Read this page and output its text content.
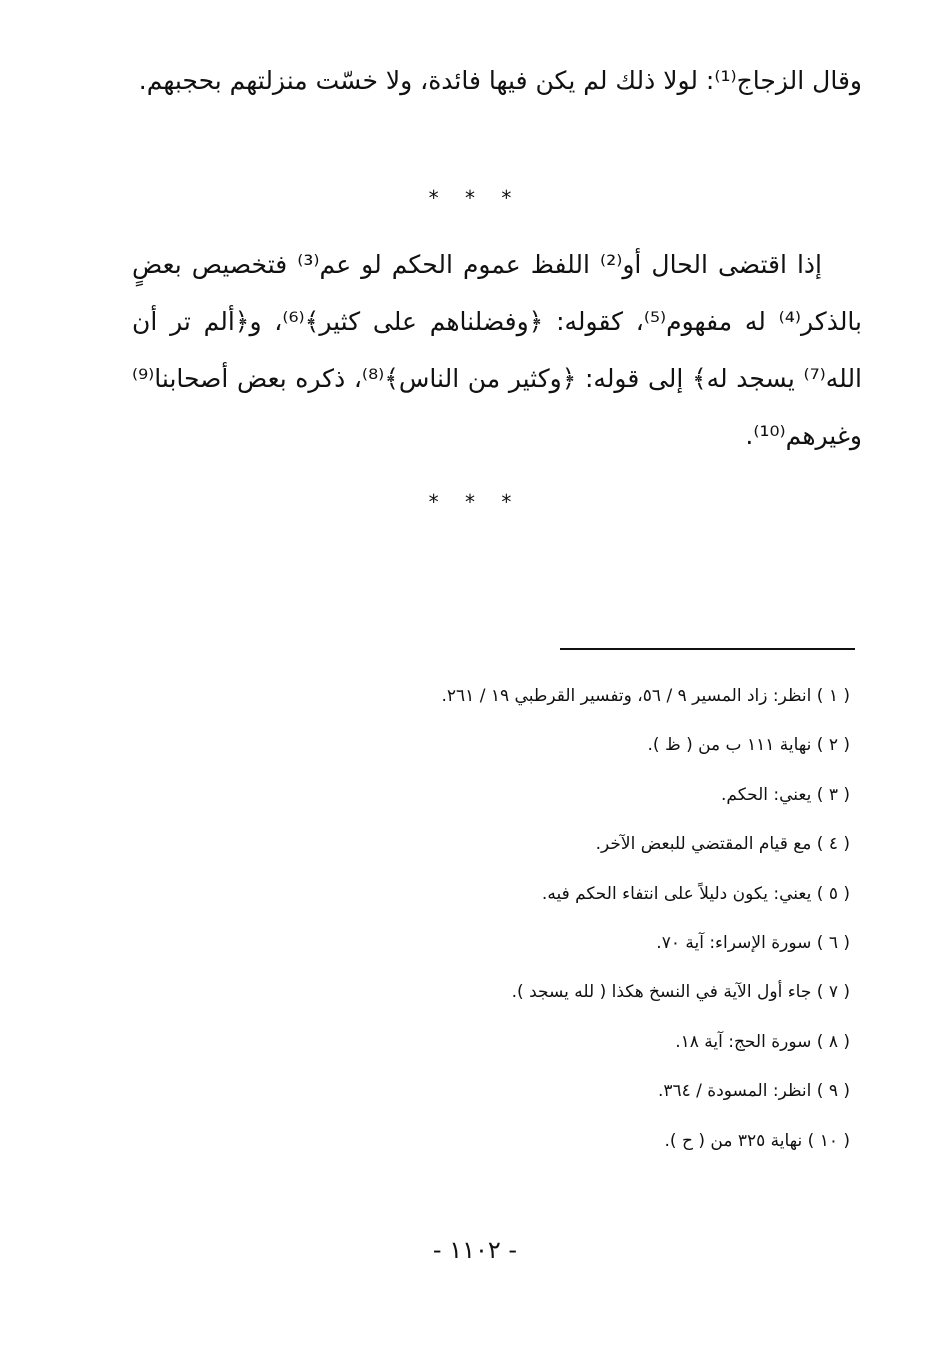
وقال الزجاج⁽¹⁾: لولا ذلك لم يكن فيها فائدة، ولا خسّت منزلتهم بحجبهم.

* * *

إذا اقتضى الحال أو⁽²⁾ اللفظ عموم الحكم لو عم⁽³⁾ فتخصيص بعضٍ بالذكر⁽⁴⁾ له مفهوم⁽⁵⁾، كقوله: ﴿وفضلناهم على كثير﴾⁽⁶⁾، و﴿ألم تر أن الله⁽⁷⁾ يسجد له﴾ إلى قوله: ﴿وكثير من الناس﴾⁽⁸⁾، ذكره بعض أصحابنا⁽⁹⁾ وغيرهم⁽¹⁰⁾.

* * *
( ١ ) انظر: زاد المسير ٩ / ٥٦، وتفسير القرطبي ١٩ / ٢٦١.
( ٢ ) نهاية ١١١ ب من ( ظ ).
( ٣ ) يعني: الحكم.
( ٤ ) مع قيام المقتضي للبعض الآخر.
( ٥ ) يعني: يكون دليلاً على انتفاء الحكم فيه.
( ٦ ) سورة الإسراء: آية ٧٠.
( ٧ ) جاء أول الآية في النسخ هكذا ( لله يسجد ).
( ٨ ) سورة الحج: آية ١٨.
( ٩ ) انظر: المسودة / ٣٦٤.
( ١٠ ) نهاية ٣٢٥ من ( ح ).
- ١١٠٢ -
